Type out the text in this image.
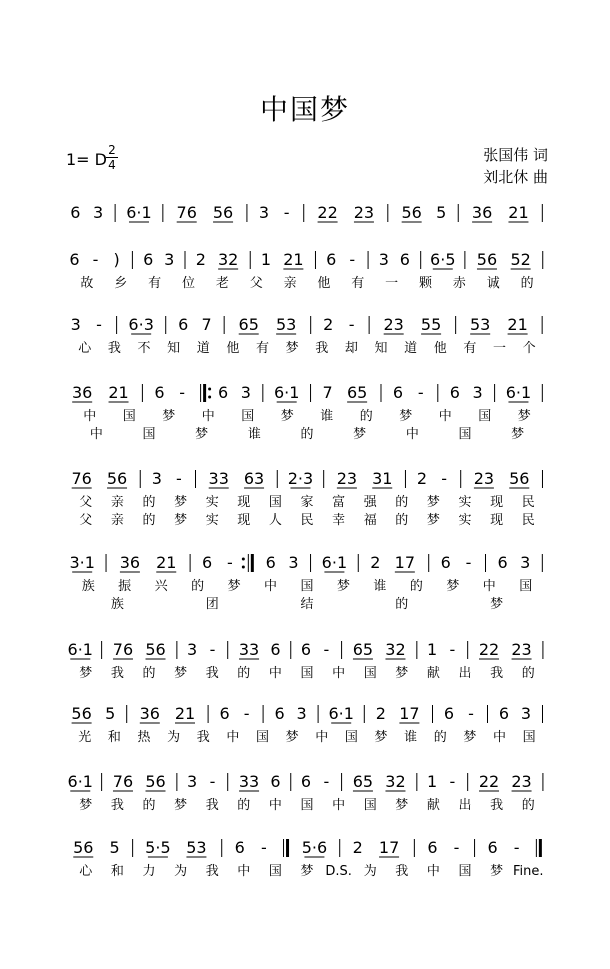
中国梦
1= D 2
4
张国伟 词
刘北休 曲
6 3 6·1 76 56 3 - 22 23 56 5 36 21
6 - ) 6 3 2 32 1 21 6 - 3 6 6·5 56 52
故 乡 有 位 老 父 亲 他 有 一 颗 赤 诚 的
3 - 6·3 6 7 65 53 2 - 23 55 53 21
心 我 不 知 道 他 有 梦 我 却 知 道 他 有 一 个
36 21 6 - 6 3 6·1 7 65 6 - 6 3 6·1
中 国 梦 中 国 梦 谁 的 梦 中 国 梦
中	国	梦	谁	的	梦	中	国	梦
76 56 3 - 33 63 2·3 23 31 2 - 23 56
父 亲 的 梦 实 现 国 家 富 强 的 梦 实 现 民
父 亲 的 梦 实 现 人 民 幸 福 的 梦 实 现 民
3·1 36 21 6 - 6 3 6·1 2 17 6 - 6 3
族 振 兴 的 梦 中 国 梦 谁 的 梦 中 国
族	团	结	的	梦
6·1 76 56 3 - 33 6 6 - 65 32 1 - 22 23
梦 我 的 梦 我 的 中 国 中 国 梦 献 出 我 的
56 5 36 21 6 - 6 3 6·1 2 17 6 - 6 3
光 和 热 为 我 中 国 梦 中 国 梦 谁 的 梦 中 国
6·1 76 56 3 - 33 6 6 - 65 32 1 - 22 23
梦 我 的 梦 我 的 中 国 中 国 梦 献 出 我 的
56 5 5·5 53 6 - 5·6 2 17 6 - 6 -
心 和 力 为 我 中 国 梦 D.S. 为 我 中 国 梦 Fine.
